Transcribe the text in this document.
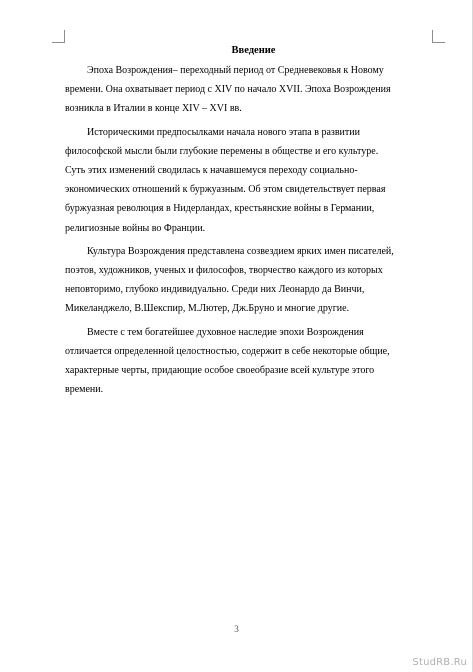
Введение

Эпоха Возрождения– переходный период от Средневековья к Новому
времени. Она охватывает период с XIV по начало XVII. Эпоха Возрождения
возникла в Италии в конце XIV – XVI вв.

Историческими предпосылками начала нового этапа в развитии
философской мысли были глубокие перемены в обществе и его культуре.
Суть этих изменений сводилась к начавшемуся переходу социально-
экономических отношений к буржуазным. Об этом свидетельствует первая
буржуазная революция в Нидерландах, крестьянские войны в Германии,
религиозные войны во Франции.

Культура Возрождения представлена созвездием ярких имен писателей,
поэтов, художников, ученых и философов, творчество каждого из которых
неповторимо, глубоко индивидуально. Среди них Леонардо да Винчи,
Микеланджело, В.Шекспир, М.Лютер, Дж.Бруно и многие другие.

Вместе с тем богатейшее духовное наследие эпохи Возрождения
отличается определенной целостностью, содержит в себе некоторые общие,
характерные черты, придающие особое своеобразие всей культуре этого
времени.

3
StudRB.Ru
